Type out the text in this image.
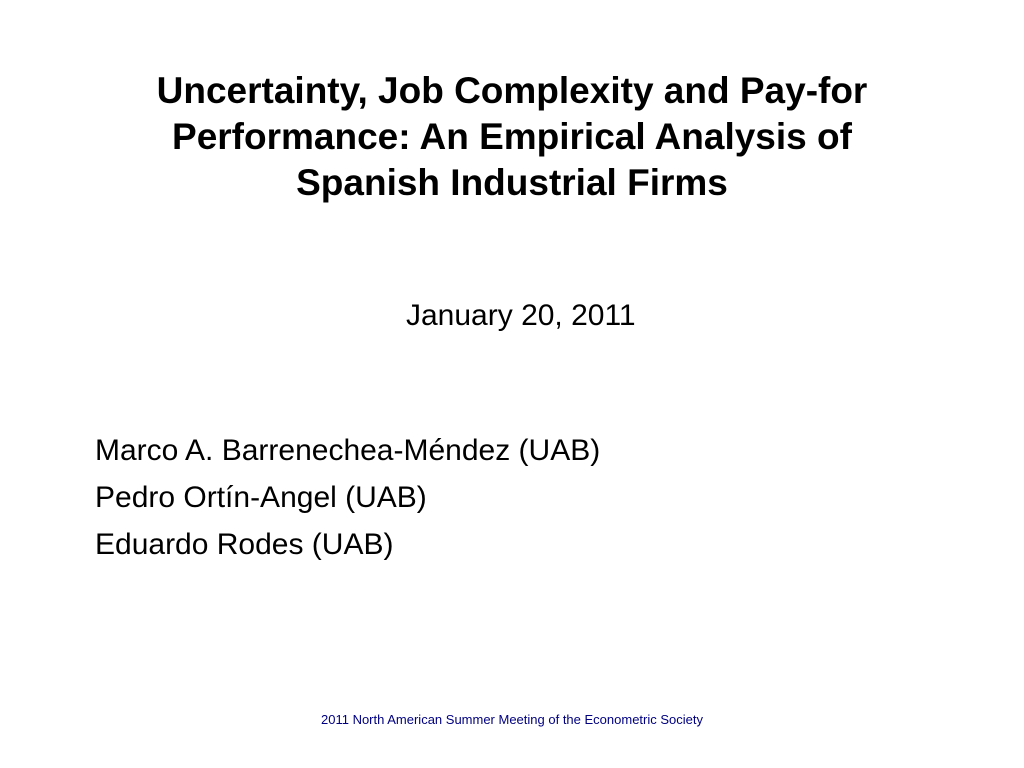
Uncertainty, Job Complexity and Pay-for
Performance: An Empirical Analysis of
Spanish Industrial Firms
January 20, 2011
Marco A. Barrenechea-Méndez (UAB)
Pedro Ortín-Angel (UAB)
Eduardo Rodes (UAB)
2011 North American Summer Meeting of the Econometric Society
